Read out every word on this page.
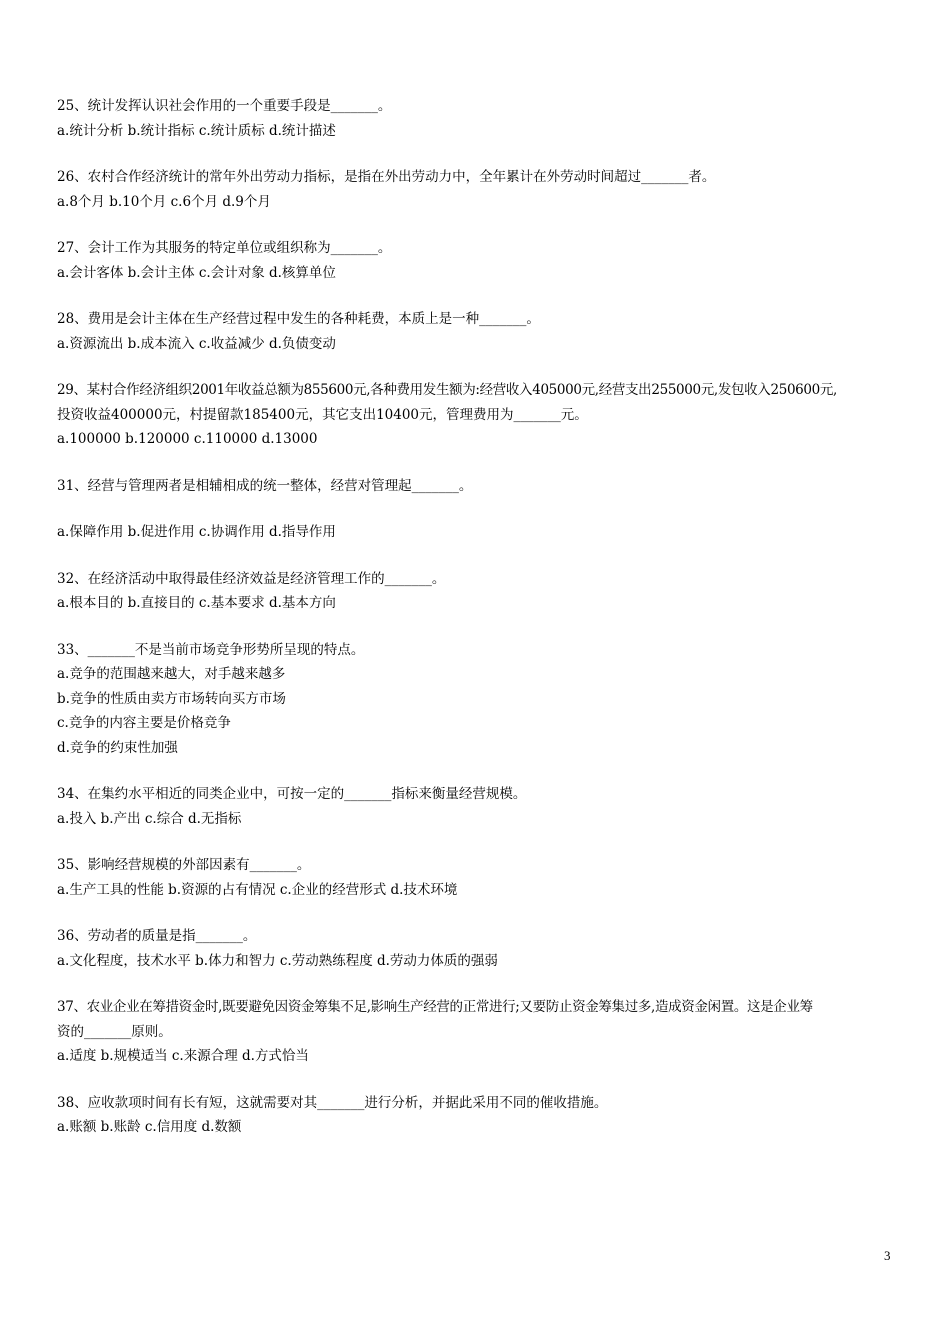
25、统计发挥认识社会作用的一个重要手段是_______。
a.统计分析 b.统计指标 c.统计质标 d.统计描述
26、农村合作经济统计的常年外出劳动力指标，是指在外出劳动力中，全年累计在外劳动时间超过_______者。
a.8个月 b.10个月 c.6个月 d.9个月
27、会计工作为其服务的特定单位或组织称为_______。
a.会计客体 b.会计主体 c.会计对象 d.核算单位
28、费用是会计主体在生产经营过程中发生的各种耗费，本质上是一种_______。
a.资源流出 b.成本流入 c.收益减少 d.负债变动
29、某村合作经济组织2001年收益总额为855600元,各种费用发生额为:经营收入405000元,经营支出255000元,发包收入250600元,
投资收益400000元，村提留款185400元，其它支出10400元，管理费用为_______元。
a.100000 b.120000 c.110000 d.13000
31、经营与管理两者是相辅相成的统一整体，经营对管理起_______。
a.保障作用 b.促进作用 c.协调作用 d.指导作用
32、在经济活动中取得最佳经济效益是经济管理工作的_______。
a.根本目的 b.直接目的 c.基本要求 d.基本方向
33、_______不是当前市场竞争形势所呈现的特点。
a.竞争的范围越来越大，对手越来越多
b.竞争的性质由卖方市场转向买方市场
c.竞争的内容主要是价格竞争
d.竞争的约束性加强
34、在集约水平相近的同类企业中，可按一定的_______指标来衡量经营规模。
a.投入 b.产出 c.综合 d.无指标
35、影响经营规模的外部因素有_______。
a.生产工具的性能 b.资源的占有情况 c.企业的经营形式 d.技术环境
36、劳动者的质量是指_______。
a.文化程度，技术水平 b.体力和智力 c.劳动熟练程度 d.劳动力体质的强弱
37、农业企业在筹措资金时,既要避免因资金筹集不足,影响生产经营的正常进行;又要防止资金筹集过多,造成资金闲置。这是企业筹
资的_______原则。
a.适度 b.规模适当 c.来源合理 d.方式恰当
38、应收款项时间有长有短，这就需要对其_______进行分析，并据此采用不同的催收措施。
a.账额 b.账龄 c.信用度 d.数额
3
